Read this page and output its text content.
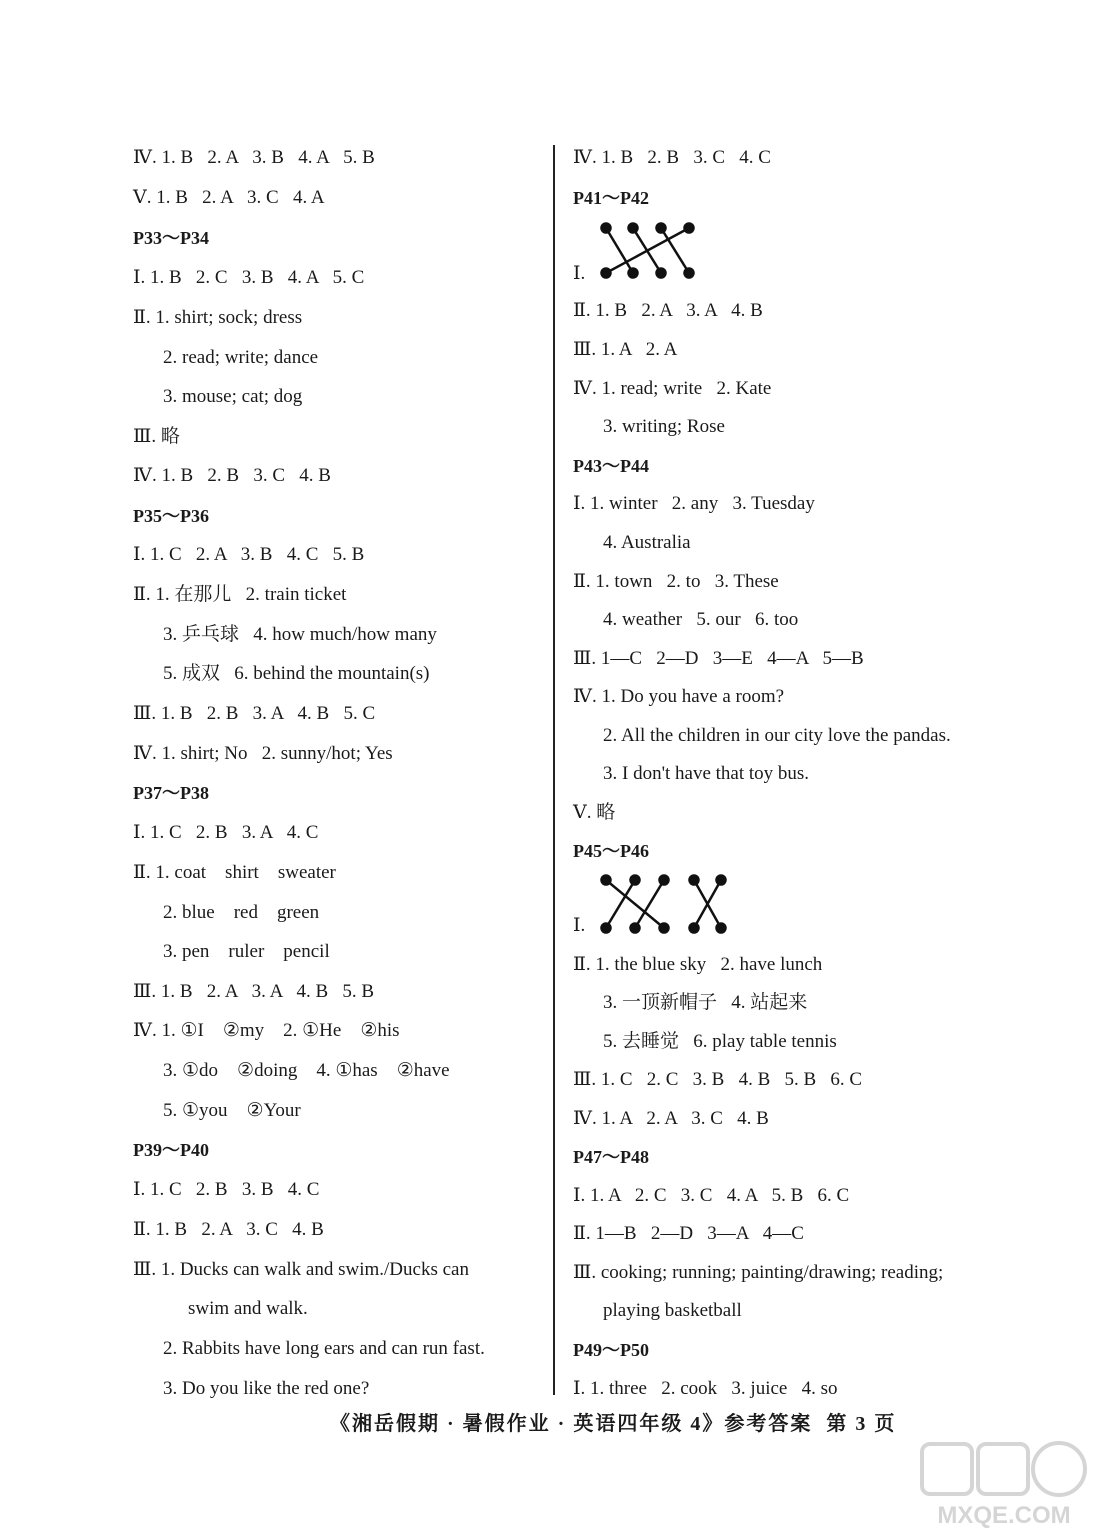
Ⅳ. 1. B   2. A   3. B   4. A   5. B
Ⅴ. 1. B   2. A   3. C   4. A
P33～P34
Ⅰ. 1. B   2. C   3. B   4. A   5. C
Ⅱ. 1. shirt; sock; dress
2. read; write; dance
3. mouse; cat; dog
Ⅲ. 略
Ⅳ. 1. B   2. B   3. C   4. B
P35～P36
Ⅰ. 1. C   2. A   3. B   4. C   5. B
Ⅱ. 1. 在那儿   2. train ticket
3. 乒乓球   4. how much/how many
5. 成双   6. behind the mountain(s)
Ⅲ. 1. B   2. B   3. A   4. B   5. C
Ⅳ. 1. shirt; No   2. sunny/hot; Yes
P37～P38
Ⅰ. 1. C   2. B   3. A   4. C
Ⅱ. 1. coat    shirt    sweater
2. blue    red    green
3. pen    ruler    pencil
Ⅲ. 1. B   2. A   3. A   4. B   5. B
Ⅳ. 1. ①I    ②my    2. ①He    ②his
3. ①do    ②doing    4. ①has    ②have
5. ①you    ②Your
P39～P40
Ⅰ. 1. C   2. B   3. B   4. C
Ⅱ. 1. B   2. A   3. C   4. B
Ⅲ. 1. Ducks can walk and swim./Ducks can
swim and walk.
2. Rabbits have long ears and can run fast.
3. Do you like the red one?
Ⅳ. 1. B   2. B   3. C   4. C
P41～P42
Ⅰ.
Ⅱ. 1. B   2. A   3. A   4. B
Ⅲ. 1. A   2. A
Ⅳ. 1. read; write   2. Kate
3. writing; Rose
P43～P44
Ⅰ. 1. winter   2. any   3. Tuesday
4. Australia
Ⅱ. 1. town   2. to   3. These
4. weather   5. our   6. too
Ⅲ. 1—C   2—D   3—E   4—A   5—B
Ⅳ. 1. Do you have a room?
2. All the children in our city love the pandas.
3. I don't have that toy bus.
Ⅴ. 略
P45～P46
Ⅰ.
Ⅱ. 1. the blue sky   2. have lunch
3. 一顶新帽子   4. 站起来
5. 去睡觉   6. play table tennis
Ⅲ. 1. C   2. C   3. B   4. B   5. B   6. C
Ⅳ. 1. A   2. A   3. C   4. B
P47～P48
Ⅰ. 1. A   2. C   3. C   4. A   5. B   6. C
Ⅱ. 1—B   2—D   3—A   4—C
Ⅲ. cooking; running; painting/drawing; reading;
playing basketball
P49～P50
Ⅰ. 1. three   2. cook   3. juice   4. so
《湘岳假期 · 暑假作业 · 英语四年级 4》参考答案  第 3 页
MXQE.COM
